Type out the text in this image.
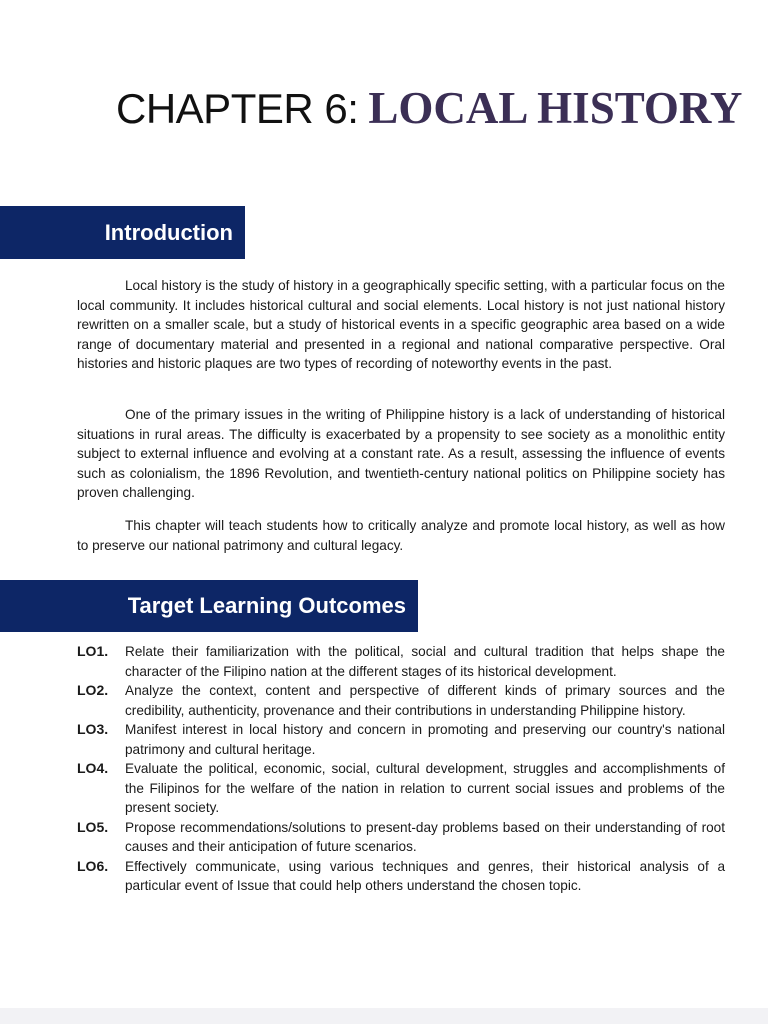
CHAPTER 6: LOCAL HISTORY
Introduction

Local history is the study of history in a geographically specific setting, with a particular focus on the local community. It includes historical cultural and social elements. Local history is not just national history rewritten on a smaller scale, but a study of historical events in a specific geographic area based on a wide range of documentary material and presented in a regional and national comparative perspective. Oral histories and historic plaques are two types of recording of noteworthy events in the past.

One of the primary issues in the writing of Philippine history is a lack of understanding of historical situations in rural areas. The difficulty is exacerbated by a propensity to see society as a monolithic entity subject to external influence and evolving at a constant rate. As a result, assessing the influence of events such as colonialism, the 1896 Revolution, and twentieth-century national politics on Philippine society has proven challenging.

This chapter will teach students how to critically analyze and promote local history, as well as how to preserve our national patrimony and cultural legacy.

Target Learning Outcomes
LO1. Relate their familiarization with the political, social and cultural tradition that helps shape the character of the Filipino nation at the different stages of its historical development.
LO2. Analyze the context, content and perspective of different kinds of primary sources and the credibility, authenticity, provenance and their contributions in understanding Philippine history.
LO3. Manifest interest in local history and concern in promoting and preserving our country's national patrimony and cultural heritage.
LO4. Evaluate the political, economic, social, cultural development, struggles and accomplishments of the Filipinos for the welfare of the nation in relation to current social issues and problems of the present society.
LO5. Propose recommendations/solutions to present-day problems based on their understanding of root causes and their anticipation of future scenarios.
LO6. Effectively communicate, using various techniques and genres, their historical analysis of a particular event of Issue that could help others understand the chosen topic.
